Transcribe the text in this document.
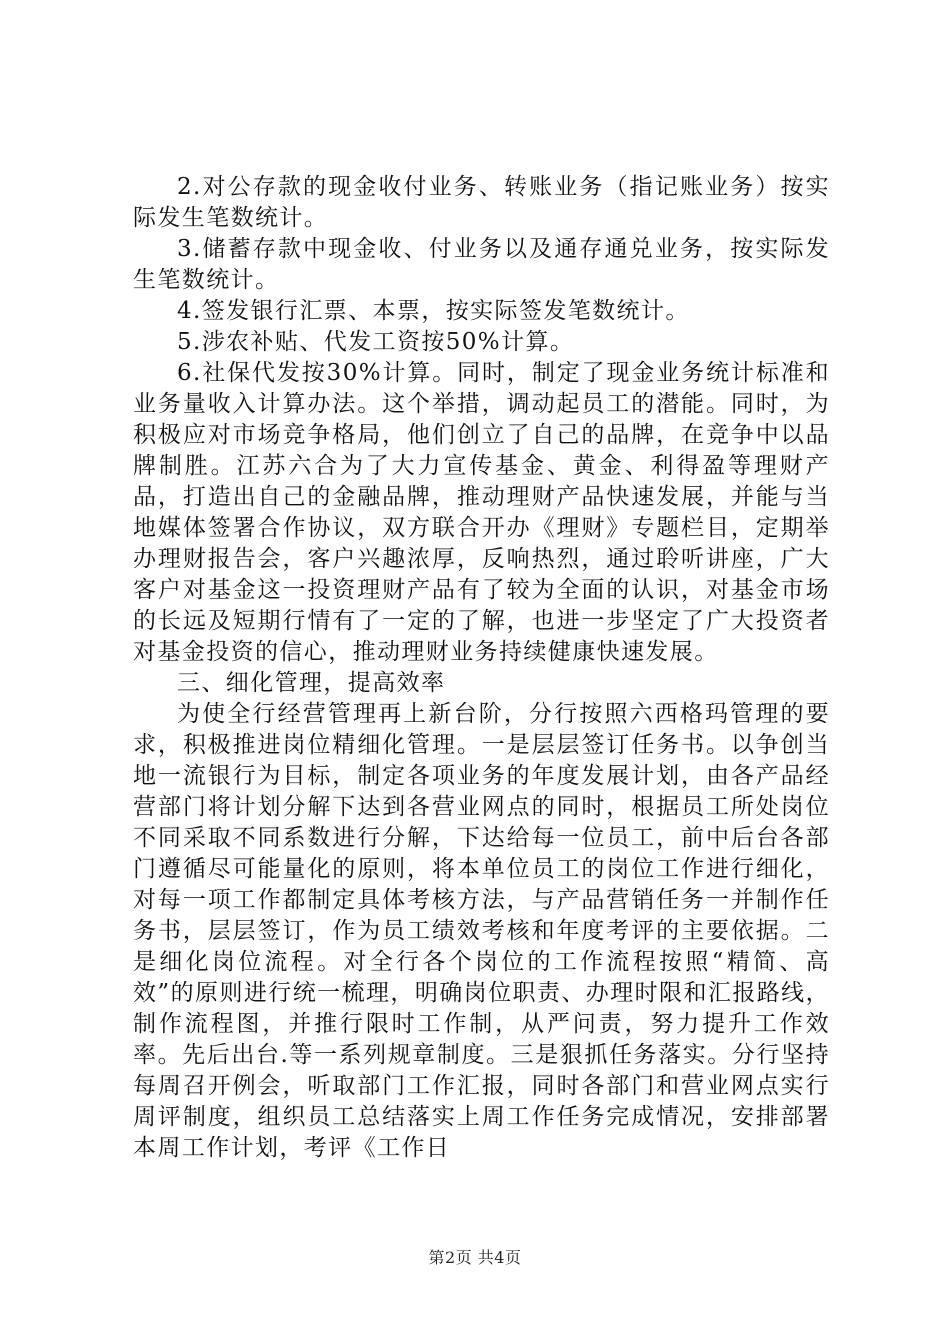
2.对公存款的现金收付业务、转账业务（指记账业务）按实际发生笔数统计。

3.储蓄存款中现金收、付业务以及通存通兑业务，按实际发生笔数统计。

4.签发银行汇票、本票，按实际签发笔数统计。

5.涉农补贴、代发工资按50%计算。

6.社保代发按30%计算。同时，制定了现金业务统计标准和业务量收入计算办法。这个举措，调动起员工的潜能。同时，为积极应对市场竞争格局，他们创立了自己的品牌，在竞争中以品牌制胜。江苏六合为了大力宣传基金、黄金、利得盈等理财产品，打造出自己的金融品牌，推动理财产品快速发展，并能与当地媒体签署合作协议，双方联合开办《理财》专题栏目，定期举办理财报告会，客户兴趣浓厚，反响热烈，通过聆听讲座，广大客户对基金这一投资理财产品有了较为全面的认识，对基金市场的长远及短期行情有了一定的了解，也进一步坚定了广大投资者对基金投资的信心，推动理财业务持续健康快速发展。

三、细化管理，提高效率

为使全行经营管理再上新台阶，分行按照六西格玛管理的要求，积极推进岗位精细化管理。一是层层签订任务书。以争创当地一流银行为目标，制定各项业务的年度发展计划，由各产品经营部门将计划分解下达到各营业网点的同时，根据员工所处岗位不同采取不同系数进行分解，下达给每一位员工，前中后台各部门遵循尽可能量化的原则，将本单位员工的岗位工作进行细化，对每一项工作都制定具体考核方法，与产品营销任务一并制作任务书，层层签订，作为员工绩效考核和年度考评的主要依据。二是细化岗位流程。对全行各个岗位的工作流程按照“精简、高效”的原则进行统一梳理，明确岗位职责、办理时限和汇报路线，制作流程图，并推行限时工作制，从严问责，努力提升工作效率。先后出台.等一系列规章制度。三是狠抓任务落实。分行坚持每周召开例会，听取部门工作汇报，同时各部门和营业网点实行周评制度，组织员工总结落实上周工作任务完成情况，安排部署本周工作计划，考评《工作日

第2页 共4页
